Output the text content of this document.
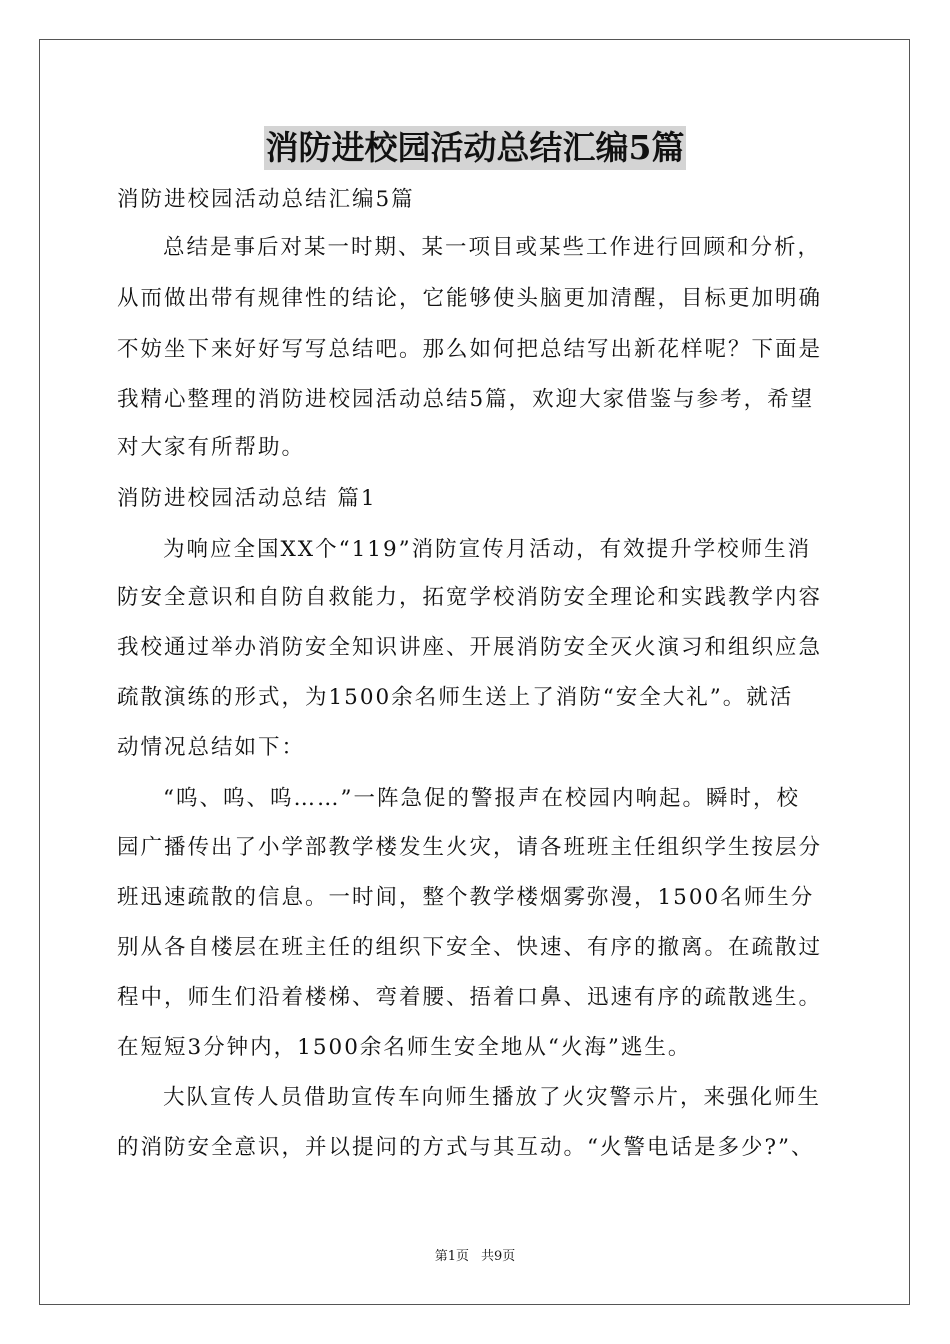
消防进校园活动总结汇编5篇
消防进校园活动总结汇编5篇
总结是事后对某一时期、某一项目或某些工作进行回顾和分析，
从而做出带有规律性的结论，它能够使头脑更加清醒，目标更加明确
不妨坐下来好好写写总结吧。那么如何把总结写出新花样呢？下面是
我精心整理的消防进校园活动总结5篇，欢迎大家借鉴与参考，希望
对大家有所帮助。
消防进校园活动总结 篇1
为响应全国XX个“119”消防宣传月活动，有效提升学校师生消
防安全意识和自防自救能力，拓宽学校消防安全理论和实践教学内容
我校通过举办消防安全知识讲座、开展消防安全灭火演习和组织应急
疏散演练的形式，为1500余名师生送上了消防“安全大礼”。就活
动情况总结如下：
“呜、呜、呜……”一阵急促的警报声在校园内响起。瞬时，校
园广播传出了小学部教学楼发生火灾，请各班班主任组织学生按层分
班迅速疏散的信息。一时间，整个教学楼烟雾弥漫，1500名师生分
别从各自楼层在班主任的组织下安全、快速、有序的撤离。在疏散过
程中，师生们沿着楼梯、弯着腰、捂着口鼻、迅速有序的疏散逃生。
在短短3分钟内，1500余名师生安全地从“火海”逃生。
大队宣传人员借助宣传车向师生播放了火灾警示片，来强化师生
的消防安全意识，并以提问的方式与其互动。“火警电话是多少?”、
第1页 共9页
